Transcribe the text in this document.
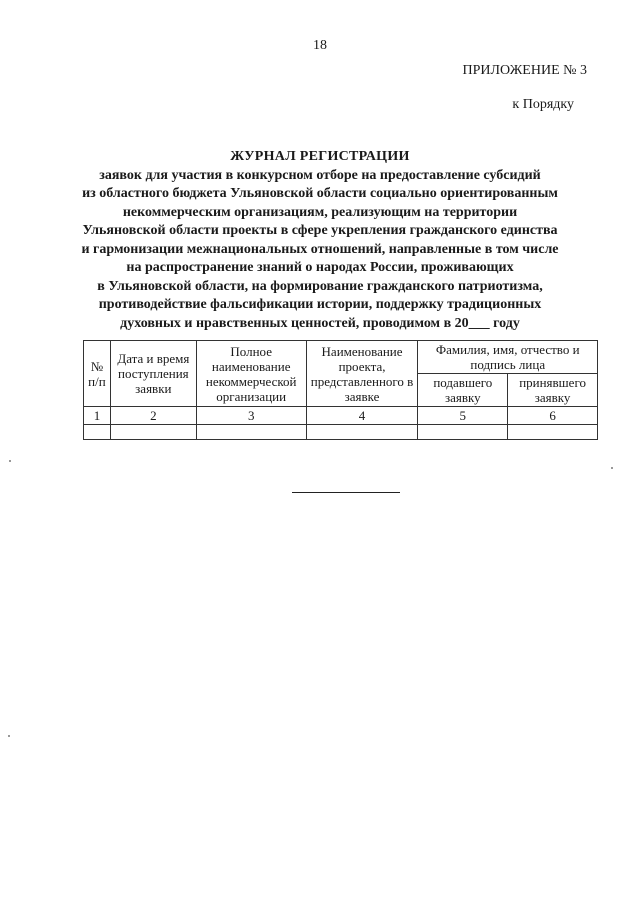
18
ПРИЛОЖЕНИЕ № 3
к Порядку
ЖУРНАЛ РЕГИСТРАЦИИ
заявок для участия в конкурсном отборе на предоставление субсидий
из областного бюджета Ульяновской области социально ориентированным
некоммерческим организациям, реализующим на территории
Ульяновской области проекты в сфере укрепления гражданского единства
и гармонизации межнациональных отношений, направленные в том числе
на распространение знаний о народах России, проживающих
в Ульяновской области, на формирование гражданского патриотизма,
противодействие фальсификации истории, поддержку традиционных
духовных и нравственных ценностей, проводимом в 20___ году
№ п/п	Дата и время поступления заявки	Полное наименование некоммерческой организации	Наименование проекта, представленного в заявке	Фамилия, имя, отчество и подпись лица	
				подавшего заявку	принявшего заявку
1	2	3	4	5	6
